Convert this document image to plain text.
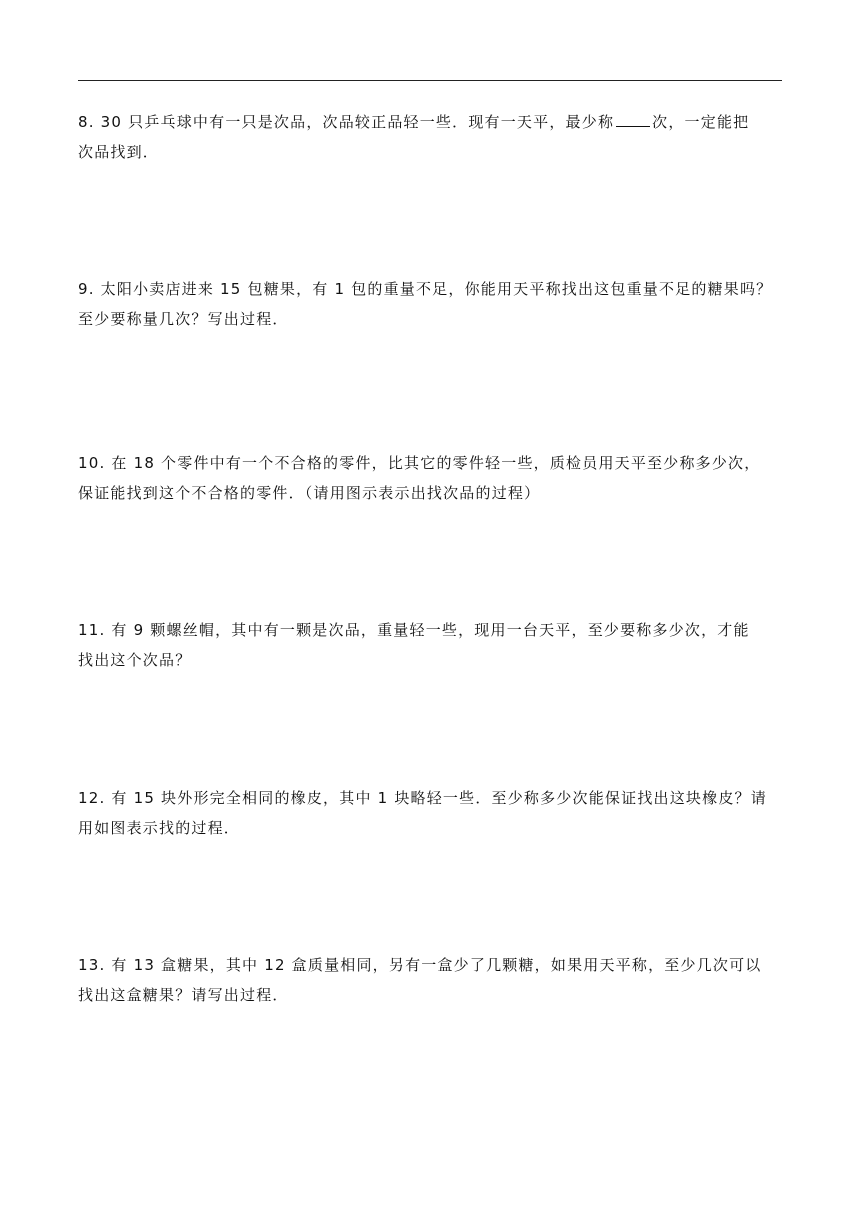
8. 30 只乒乓球中有一只是次品，次品较正品轻一些．现有一天平，最少称	次，一定能把
次品找到．
9. 太阳小卖店进来 15 包糖果，有 1 包的重量不足，你能用天平称找出这包重量不足的糖果吗？
至少要称量几次？写出过程．
10. 在 18 个零件中有一个不合格的零件，比其它的零件轻一些，质检员用天平至少称多少次，
保证能找到这个不合格的零件．（请用图示表示出找次品的过程）
11. 有 9 颗螺丝帽，其中有一颗是次品，重量轻一些，现用一台天平，至少要称多少次，才能
找出这个次品？
12. 有 15 块外形完全相同的橡皮，其中 1 块略轻一些．至少称多少次能保证找出这块橡皮？请
用如图表示找的过程．
13. 有 13 盒糖果，其中 12 盒质量相同，另有一盒少了几颗糖，如果用天平称，至少几次可以
找出这盒糖果？请写出过程．
